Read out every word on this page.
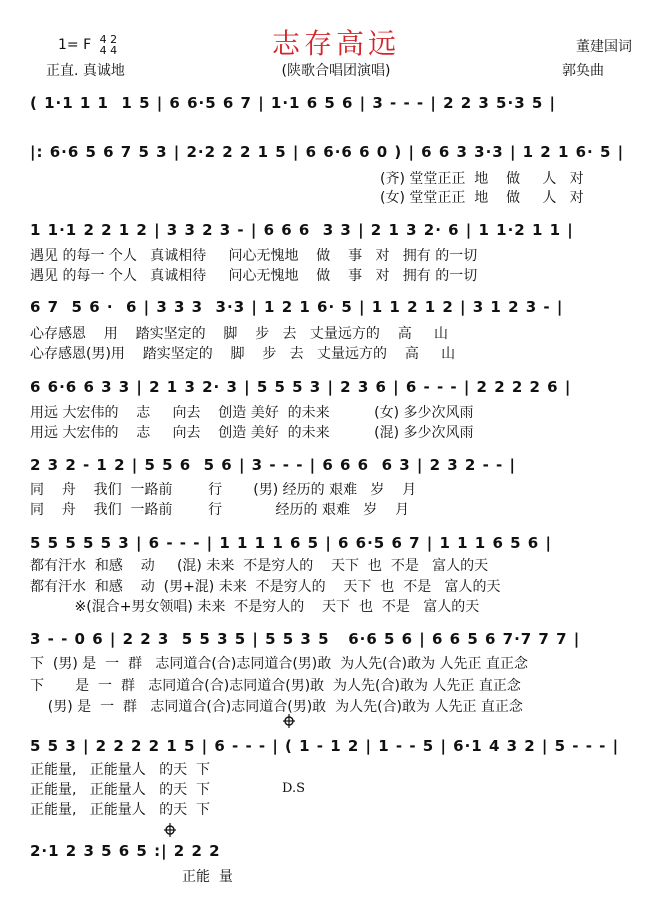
志存高远
(陕歌合唱团演唱)
1= F 4 2
4 4
正直. 真诚地
董建国词
郭奂曲
( 1·1 1 1  1 5 | 6 6·5 6 7 | 1·1 6 5 6 | 3 - - - | 2 2 3 5·3 5 |
|: 6·6 5 6 7 5 3 | 2·2 2 2 1 5 | 6 6·6 6 0 ) | 6 6 3 3·3 | 1 2 1 6· 5 |
(齐) 堂堂正正  地    做     人   对
(女) 堂堂正正  地    做     人   对
1 1·1 2 2 1 2 | 3 3 2 3 - | 6 6 6  3 3 | 2 1 3 2· 6 | 1 1·2 1 1 |
遇见 的每一 个人   真诚相待     问心无愧地    做    事   对   拥有 的一切
遇见 的每一 个人   真诚相待     问心无愧地    做    事   对   拥有 的一切
6 7  5 6 ·  6 | 3 3 3  3·3 | 1 2 1 6· 5 | 1 1 2 1 2 | 3 1 2 3 - |
心存感恩    用    踏实坚定的    脚    步   去   丈量远方的    高     山
心存感恩(男)用    踏实坚定的    脚    步   去   丈量远方的    高     山
6 6·6 6 3 3 | 2 1 3 2· 3 | 5 5 5 3 | 2 3 6 | 6 - - - | 2 2 2 2 6 |
用远 大宏伟的    志     向去    创造 美好  的未来          (女) 多少次风雨
用远 大宏伟的    志     向去    创造 美好  的未来          (混) 多少次风雨
2 3 2 - 1 2 | 5 5 6  5 6 | 3 - - - | 6 6 6  6 3 | 2 3 2 - - |
同    舟    我们  一路前        行       (男) 经历的 艰难   岁    月
同    舟    我们  一路前        行            经历的 艰难   岁    月
5 5 5 5 5 3 | 6 - - - | 1 1 1 1 6 5 | 6 6·5 6 7 | 1 1 1 6 5 6 |
都有汗水  和感    动     (混) 未来  不是穷人的    天下  也  不是   富人的天
都有汗水  和感    动  (男+混) 未来  不是穷人的    天下  也  不是   富人的天
※(混合+男女领唱) 未来  不是穷人的    天下  也  不是   富人的天
3 - - 0 6 | 2 2 3  5 5 3 5 | 5 5 3 5   6·6 5 6 | 6 6 5 6 7·7 7 7 |
下  (男) 是  一  群   志同道合(合)志同道合(男)敢  为人先(合)敢为 人先正 直正念
下       是  一  群   志同道合(合)志同道合(男)敢  为人先(合)敢为 人先正 直正念
(男) 是  一  群   志同道合(合)志同道合(男)敢  为人先(合)敢为 人先正 直正念
5 5 3 | 2 2 2 2 1 5 | 6 - - - | ( 1 - 1 2 | 1 - - 5 | 6·1 4 3 2 | 5 - - - |
正能量,   正能量人   的天  下
正能量,   正能量人   的天  下
正能量,   正能量人   的天  下
D.S
2·1 2 3 5 6 5 :| 2 2 2
正能  量
